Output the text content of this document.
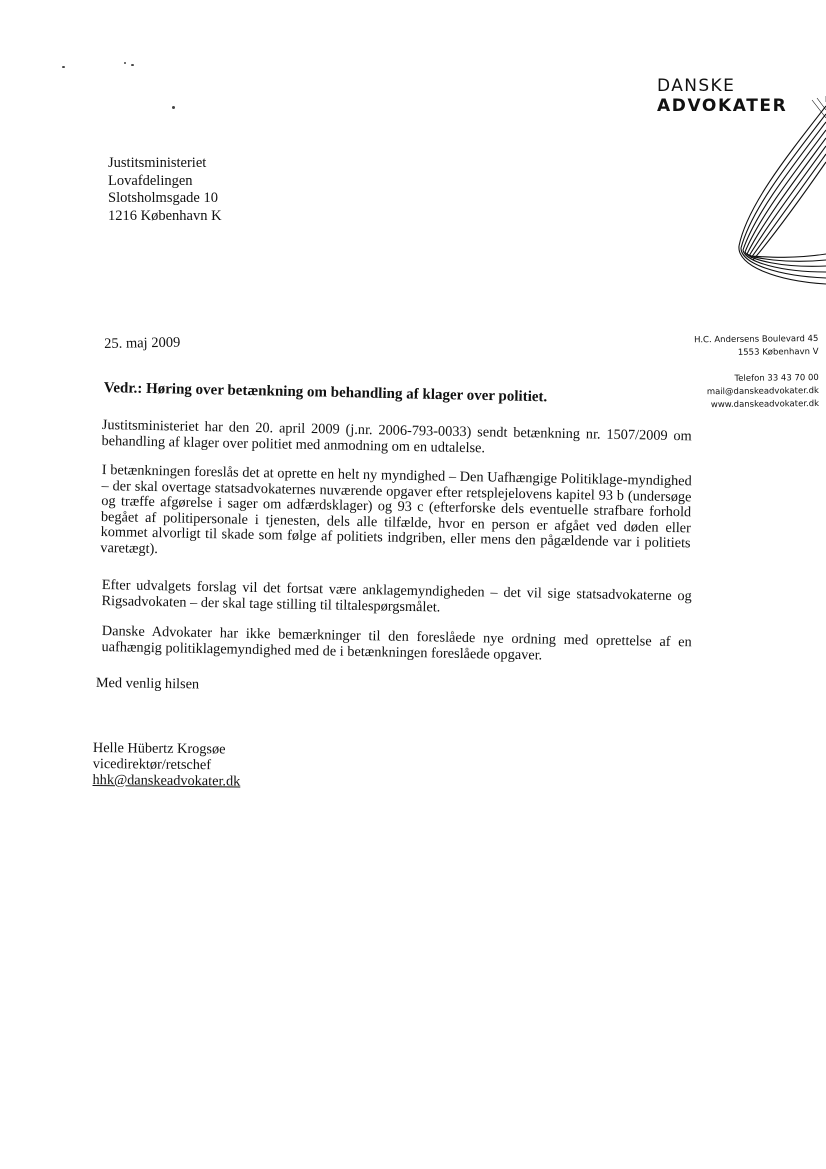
DANSKE
ADVOKATER
Justitsministeriet
Lovafdelingen
Slotsholmsgade 10
1216 København K
H.C. Andersens Boulevard 45
1553 København V
Telefon 33 43 70 00
mail@danskeadvokater.dk
www.danskeadvokater.dk
25. maj 2009
Vedr.: Høring over betænkning om behandling af klager over politiet.
Justitsministeriet har den 20. april 2009 (j.nr. 2006-793-0033) sendt betænkning nr. 1507/2009 om behandling af klager over politiet med anmodning om en udtalelse.
I betænkningen foreslås det at oprette en helt ny myndighed – Den Uafhængige Politiklage-myndighed – der skal overtage statsadvokaternes nuværende opgaver efter retsplejelovens kapitel 93 b (undersøge og træffe afgørelse i sager om adfærdsklager) og 93 c (efterforske dels eventuelle strafbare forhold begået af politipersonale i tjenesten, dels alle tilfælde, hvor en person er afgået ved døden eller kommet alvorligt til skade som følge af politiets indgriben, eller mens den pågældende var i politiets varetægt).
Efter udvalgets forslag vil det fortsat være anklagemyndigheden – det vil sige statsadvokaterne og Rigsadvokaten – der skal tage stilling til tiltalespørgsmålet.
Danske Advokater har ikke bemærkninger til den foreslåede nye ordning med oprettelse af en uafhængig politiklagemyndighed med de i betænkningen foreslåede opgaver.
Med venlig hilsen
Helle Hübertz Krogsøe
vicedirektør/retschef
hhk@danskeadvokater.dk
